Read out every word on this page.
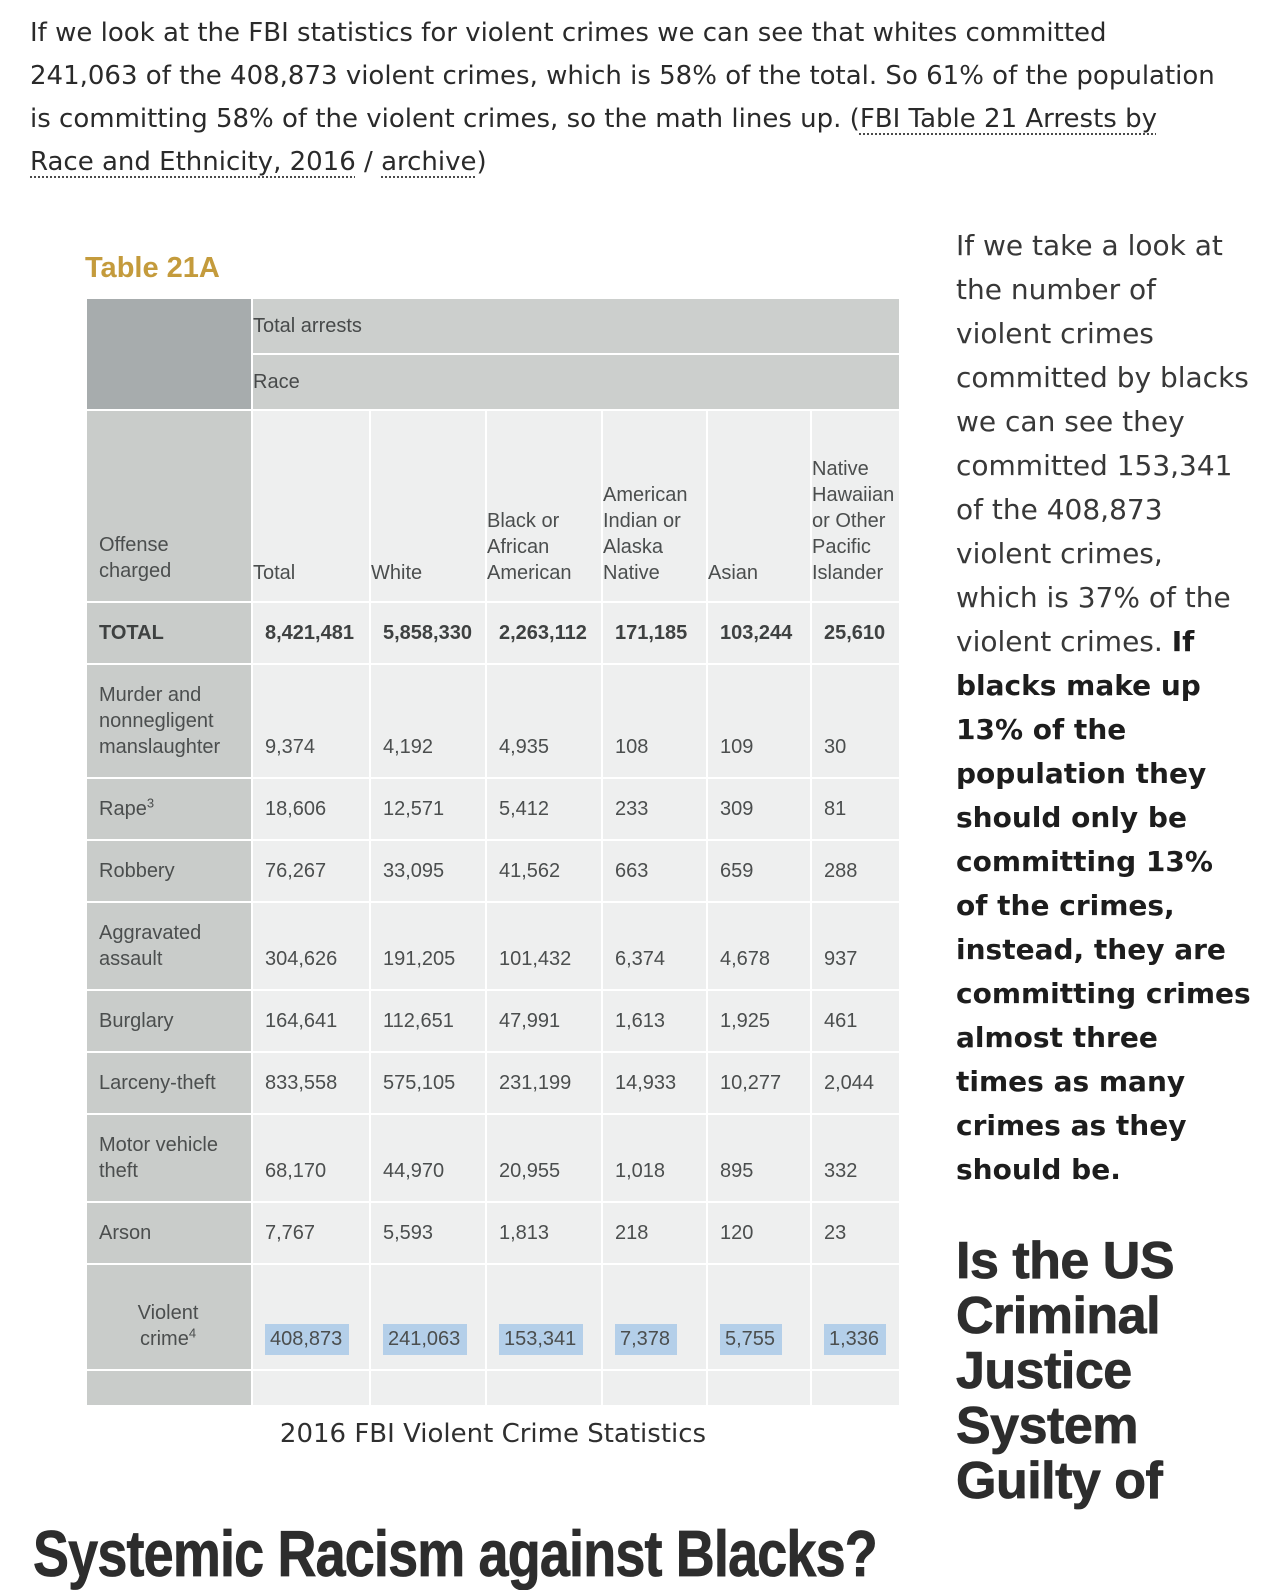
If we look at the FBI statistics for violent crimes we can see that whites committed 241,063 of the 408,873 violent crimes, which is 58% of the total. So 61% of the population is committing 58% of the violent crimes, so the math lines up. (FBI Table 21 Arrests by Race and Ethnicity, 2016 / archive)

Table 21A
	Total arrests					
	Race					
Offense charged	Total	White	Black or African American	American Indian or Alaska Native	Asian	Native Hawaiian or Other Pacific Islander
TOTAL	8,421,481	5,858,330	2,263,112	171,185	103,244	25,610
Murder and nonnegligent manslaughter	9,374	4,192	4,935	108	109	30
Rape$^3$	18,606	12,571	5,412	233	309	81
Robbery	76,267	33,095	41,562	663	659	288
Aggravated assault	304,626	191,205	101,432	6,374	4,678	937
Burglary	164,641	112,651	47,991	1,613	1,925	461
Larceny-theft	833,558	575,105	231,199	14,933	10,277	2,044
Motor vehicle theft	68,170	44,970	20,955	1,018	895	332
Arson	7,767	5,593	1,813	218	120	23
Violent crime$^4$	408,873	241,063	153,341	7,378	5,755	1,336

2016 FBI Violent Crime Statistics

If we take a look at the number of violent crimes committed by blacks we can see they committed 153,341 of the 408,873 violent crimes, which is 37% of the violent crimes. If blacks make up 13% of the population they should only be committing 13% of the crimes, instead, they are committing crimes almost three times as many crimes as they should be.

Is the US Criminal Justice System Guilty of
Systemic Racism against Blacks?
